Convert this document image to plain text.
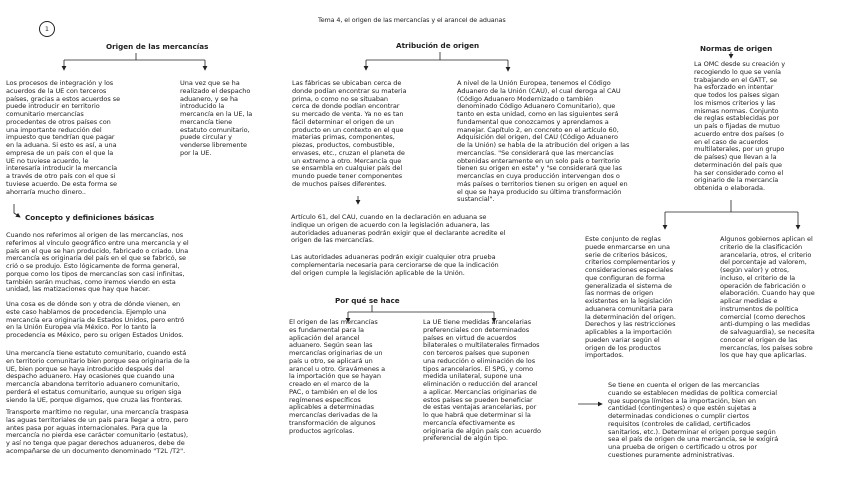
1
Tema 4, el origen de las mercancías y el arancel de aduanas
Origen de las mercancías	Atribución de origen	Normas de origen
Concepto y definiciones básicas
Por qué se hace
Los procesos de integración y los
acuerdos de la UE con terceros
países, gracias a estos acuerdos se
puede introducir en territorio
comunitario mercancías
procedentes de otros países con
una importante reducción del
impuesto que tendrían que pagar
en la aduana. Si esto es así, a una
empresa de un país con el que la
UE no tuviese acuerdo, le
interesaría introducir la mercancía
a través de otro país con el que si
tuviese acuerdo. De esta forma se
ahorraría mucho dinero..
Una vez que se ha
realizado el despacho
aduanero, y se ha
introducido la
mercancía en la UE, la
mercancía tiene
estatuto comunitario,
puede circular y
venderse libremente
por la UE.
Cuando nos referimos al origen de las mercancías, nos
referimos al vínculo geográfico entre una mercancía y el
país en el que se han producido, fabricado o criado. Una
mercancía es originaria del país en el que se fabricó, se
crió o se produjo. Esto lógicamente de forma general,
porque como los tipos de mercancías son casi infinitas,
también serán muchas, como iremos viendo en esta
unidad, las matizaciones que hay que hacer.
Una cosa es de dónde son y otra de dónde vienen, en
este caso hablamos de procedencia. Ejemplo una
mercancía era originaria de Estados Unidos, pero entró
en la Unión Europea vía México. Por lo tanto la
procedencia es México, pero su origen Estados Unidos.
Una mercancía tiene estatuto comunitario, cuando está
en territorio comunitario bien porque sea originaria de la
UE, bien porque se haya introducido después del
despacho aduanero. Hay ocasiones que cuando una
mercancía abandona territorio aduanero comunitario,
perderá el estatus comunitario, aunque su origen siga
siendo la UE, porque digamos, que cruza las fronteras.
Transporte marítimo no regular, una mercancía traspasa
las aguas territoriales de un país para llegar a otro, pero
antes pasa por aguas internacionales. Para que la
mercancía no pierda ese carácter comunitario (estatus),
y así no tenga que pagar derechos aduaneros, debe de
acompañarse de un documento denominado "T2L /T2".
Las fábricas se ubicaban cerca de
donde podían encontrar su materia
prima, o como no se situaban
cerca de donde podían encontrar
su mercado de venta. Ya no es tan
fácil determinar el origen de un
producto en un contexto en el que
materias primas, componentes,
piezas, productos, combustible,
envases, etc., cruzan el planeta de
un extremo a otro. Mercancía que
se ensambla en cualquier país del
mundo puede tener componentes
de muchos países diferentes.
A nivel de la Unión Europea, tenemos el Código
Aduanero de la Unión (CAU), el cual deroga al CAU
(Código Aduanero Modernizado o también
denominado Código Aduanero Comunitario), que
tanto en esta unidad, como en las siguientes será
fundamental que conozcamos y aprendamos a
manejar. Capítulo 2, en concreto en el artículo 60,
Adquisición del origen, del CAU (Código Aduanero
de la Unión) se habla de la atribución del origen a las
mercancías. "Se considerará que las mercancías
obtenidas enteramente en un solo país o territorio
tienen su origen en este" y "se considerará que las
mercancías en cuya producción intervengan dos o
más países o territorios tienen su origen en aquel en
el que se haya producido su última transformación
sustancial".
Artículo 61, del CAU, cuando en la declaración en aduana se
indique un origen de acuerdo con la legislación aduanera, las
autoridades aduaneras podrán exigir que el declarante acredite el
origen de las mercancías.
Las autoridades aduaneras podrán exigir cualquier otra prueba
complementaria necesaria para cerciorarse de que la indicación
del origen cumple la legislación aplicable de la Unión.
El origen de las mercancías
es fundamental para la
aplicación del arancel
aduanero. Según sean las
mercancías originarias de un
país u otro, se aplicará un
arancel u otro. Gravámenes a
la importación que se hayan
creado en el marco de la
PAC, o también en el de los
regímenes específicos
aplicables a determinadas
mercancías derivadas de la
transformación de algunos
productos agrícolas.
La UE tiene medidas arancelarias
preferenciales con determinados
países en virtud de acuerdos
bilaterales o multilaterales firmados
con terceros países que suponen
una reducción o eliminación de los
tipos arancelarios. El SPG, y como
medida unilateral, supone una
eliminación o reducción del arancel
a aplicar. Mercancías originarias de
estos países se pueden beneficiar
de estas ventajas arancelarias, por
lo que habrá que determinar si la
mercancía efectivamente es
originaria de algún país con acuerdo
preferencial de algún tipo.
La OMC desde su creación y
recogiendo lo que se venía
trabajando en el GATT, se
ha esforzado en intentar
que todos los países sigan
los mismos criterios y las
mismas normas. Conjunto
de reglas establecidas por
un país o fijadas de mutuo
acuerdo entre dos países (o
en el caso de acuerdos
multilaterales, por un grupo
de países) que llevan a la
determinación del país que
ha ser considerado como el
originario de la mercancía
obtenida o elaborada.
Este conjunto de reglas
puede enmarcarse en una
serie de criterios básicos,
criterios complementarios y
consideraciones especiales
que configuran de forma
generalizada el sistema de
las normas de origen
existentes en la legislación
aduanera comunitaria para
la determinación del origen.
Derechos y las restricciones
aplicables a la importación
pueden variar según el
origen de los productos
importados.
Algunos gobiernos aplican el
criterio de la clasificación
arancelaria, otros, el criterio
del porcentaje ad valorem,
(según valor) y otros,
incluso, el criterio de la
operación de fabricación o
elaboración. Cuando hay que
aplicar medidas e
instrumentos de política
comercial (como derechos
anti-dumping o las medidas
de salvaguardia), se necesita
conocer el origen de las
mercancías, los países sobre
los que hay que aplicarlas.
Se tiene en cuenta el origen de las mercancías
cuando se establecen medidas de política comercial
que suponga límites a la importación, bien en
cantidad (contingentes) o que estén sujetas a
determinadas condiciones o cumplir ciertos
requisitos (controles de calidad, certificados
sanitarios, etc.). Determinar el origen porque según
sea el país de origen de una mercancía, se le exigirá
una prueba de origen o certificado u otros por
cuestiones puramente administrativas.
